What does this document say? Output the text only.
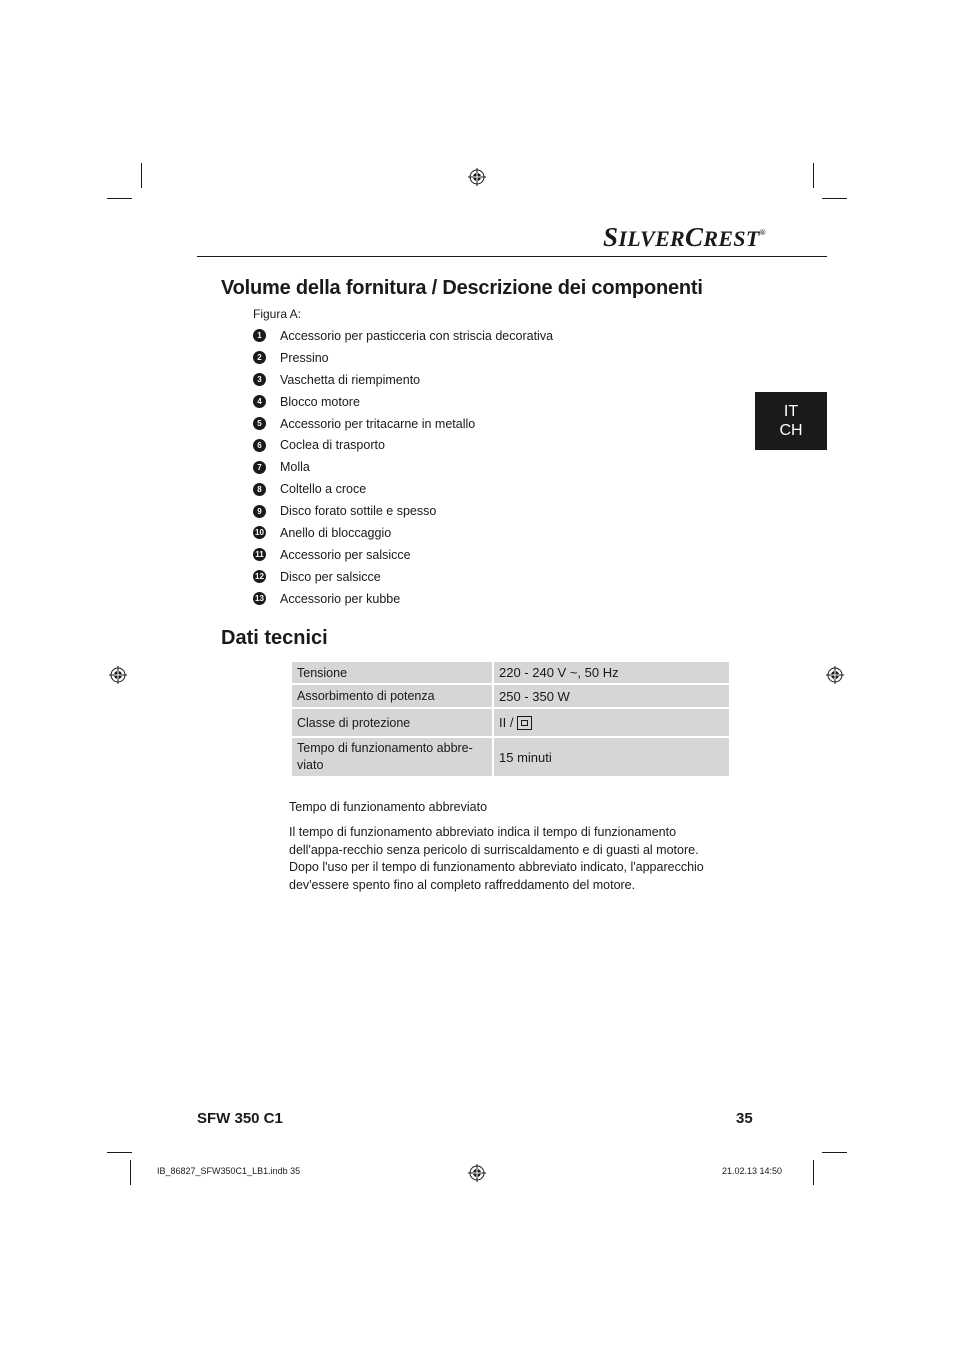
SILVERCREST®
IT
CH
Volume della fornitura / Descrizione dei componenti
Figura A:
1	Accessorio per pasticceria con striscia decorativa
2	Pressino
3	Vaschetta di riempimento
4	Blocco motore
5	Accessorio per tritacarne in metallo
6	Coclea di trasporto
7	Molla
8	Coltello a croce
9	Disco forato sottile e spesso
10 Anello di bloccaggio
11 Accessorio per salsicce
12 Disco per salsicce
13 Accessorio per kubbe
Dati tecnici
Tensione	220 - 240 V ~, 50 Hz
Assorbimento di potenza	250 - 350 W
Classe di protezione	II /
Tempo di funzionamento abbre-viato	15 minuti
Tempo di funzionamento abbreviato

Il tempo di funzionamento abbreviato indica il tempo di funzionamento dell'appa-recchio senza pericolo di surriscaldamento e di guasti al motore. Dopo l'uso per il tempo di funzionamento abbreviato indicato, l'apparecchio dev'essere spento fino al completo raffreddamento del motore.

SFW 350 C1	35
IB_86827_SFW350C1_LB1.indb 35	21.02.13 14:50
